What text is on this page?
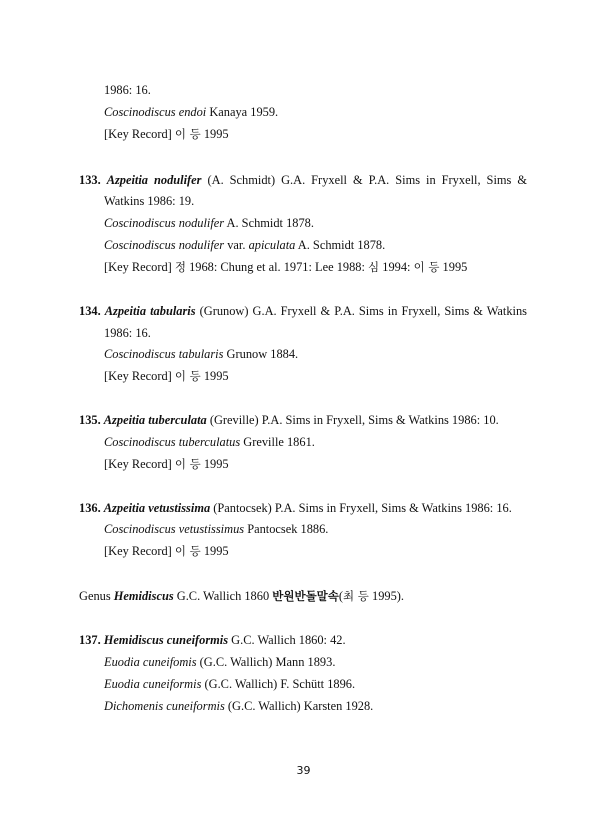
1986: 16.
Coscinodiscus endoi Kanaya 1959.
[Key Record] 이 등 1995
133. Azpeitia nodulifer (A. Schmidt) G.A. Fryxell & P.A. Sims in Fryxell, Sims &
Watkins 1986: 19.
Coscinodiscus nodulifer A. Schmidt 1878.
Coscinodiscus nodulifer var. apiculata A. Schmidt 1878.
[Key Record] 정 1968: Chung et al. 1971: Lee 1988: 심 1994: 이 등 1995
134. Azpeitia tabularis (Grunow) G.A. Fryxell & P.A. Sims in Fryxell, Sims & Watkins
1986: 16.
Coscinodiscus tabularis Grunow 1884.
[Key Record] 이 등 1995
135. Azpeitia tuberculata (Greville) P.A. Sims in Fryxell, Sims & Watkins 1986: 10.
Coscinodiscus tuberculatus Greville 1861.
[Key Record] 이 등 1995
136. Azpeitia vetustissima (Pantocsek) P.A. Sims in Fryxell, Sims & Watkins 1986: 16.
Coscinodiscus vetustissimus Pantocsek 1886.
[Key Record] 이 등 1995
Genus Hemidiscus G.C. Wallich 1860 반원반돌말속(최 등 1995).
137. Hemidiscus cuneiformis G.C. Wallich 1860: 42.
Euodia cuneifomis (G.C. Wallich) Mann 1893.
Euodia cuneiformis (G.C. Wallich) F. Schütt 1896.
Dichomenis cuneiformis (G.C. Wallich) Karsten 1928.
39
